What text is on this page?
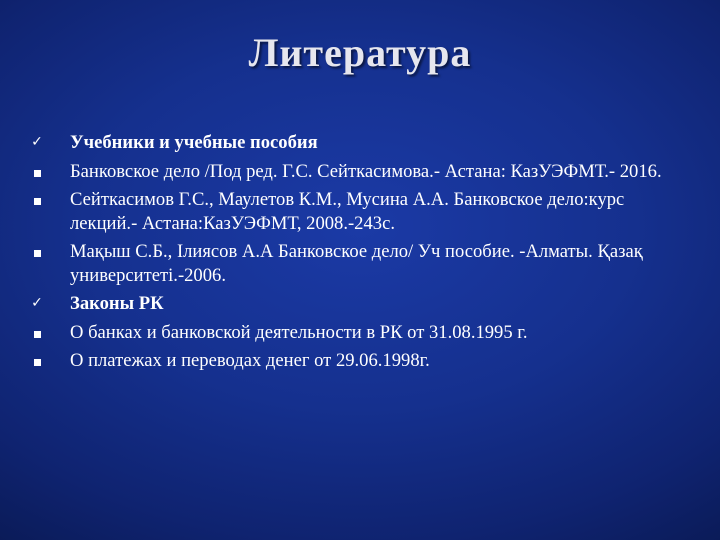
Литература
✓ Учебники и учебные пособия
Банковское дело /Под ред. Г.С. Сейткасимова.- Астана: КазУЭФМТ.- 2016.
Сейткасимов Г.С., Маулетов К.М., Мусина А.А. Банковское дело:курс лекций.- Астана:КазУЭФМТ, 2008.-243с.
Мақыш С.Б., Ілиясов А.А Банковское дело/ Уч пособие. -Алматы. Қазақ университеті.-2006.
✓ Законы РК
О банках и банковской деятельности в РК от 31.08.1995 г.
О платежах и переводах денег от 29.06.1998г.
